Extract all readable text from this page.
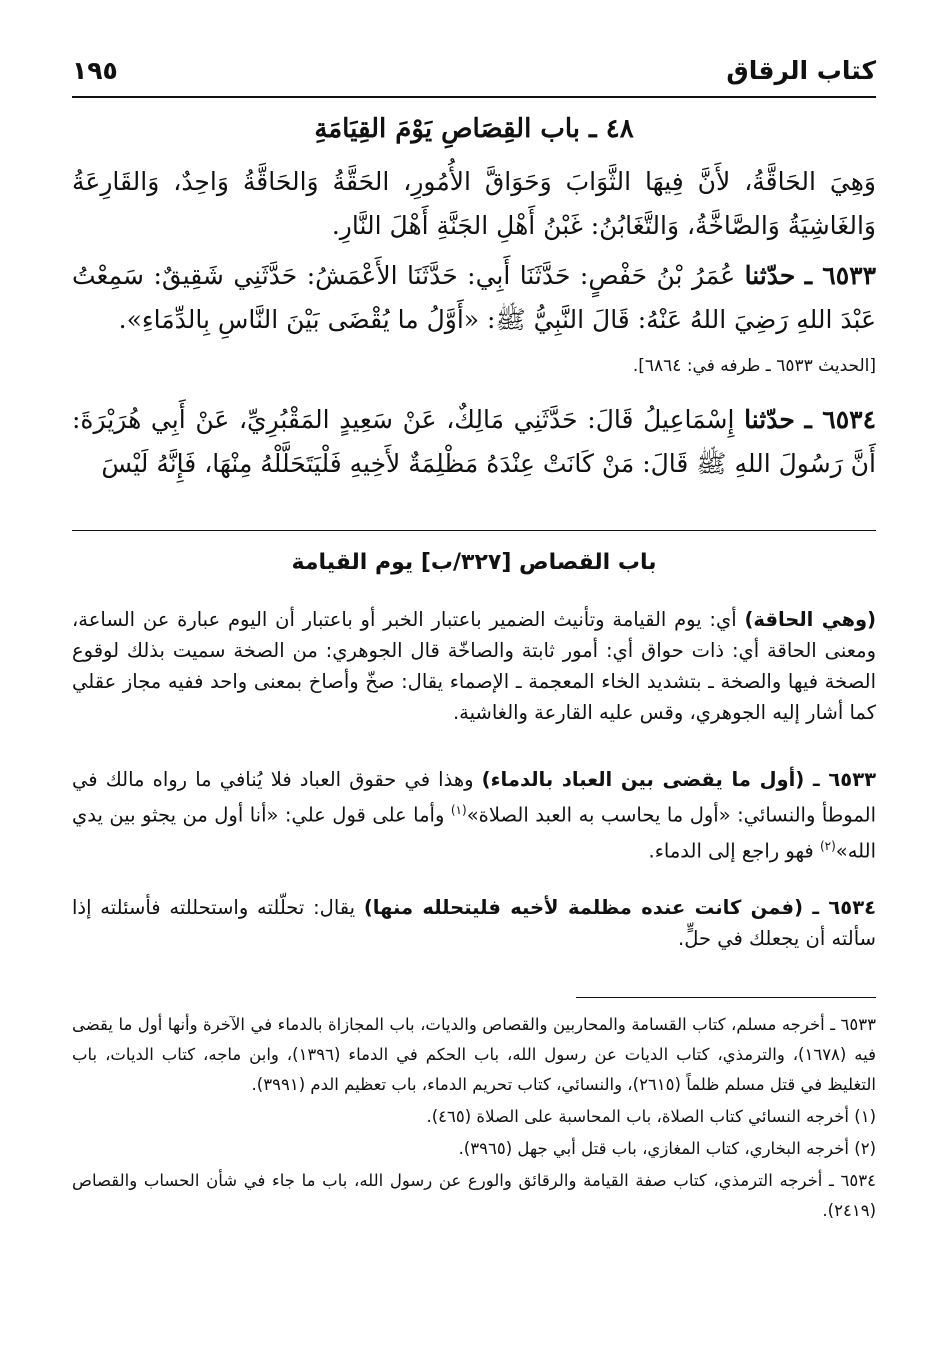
كتاب الرقاق
١٩٥
٤٨ ـ باب القِصَاصِ يَوْمَ القِيَامَةِ

وَهِيَ الحَاقَّةُ، لأَنَّ فِيهَا الثَّوَابَ وَحَوَاقَّ الأُمُورِ، الحَقَّةُ وَالحَاقَّةُ وَاحِدٌ، وَالقَارِعَةُ وَالغَاشِيَةُ وَالصَّاخَّةُ، وَالتَّغَابُنُ: غَبْنُ أَهْلِ الجَنَّةِ أَهْلَ النَّارِ.

٦٥٣٣ ـ حدّثنا عُمَرُ بْنُ حَفْصٍ: حَدَّثَنَا أَبِي: حَدَّثَنَا الأَعْمَشُ: حَدَّثَنِي شَقِيقٌ: سَمِعْتُ عَبْدَ اللهِ رَضِيَ اللهُ عَنْهُ: قَالَ النَّبِيُّ ﷺ: «أَوَّلُ ما يُقْضَى بَيْنَ النَّاسِ بِالدِّمَاءِ».

[الحديث ٦٥٣٣ ـ طرفه في: ٦٨٦٤].

٦٥٣٤ ـ حدّثنا إِسْمَاعِيلُ قَالَ: حَدَّثَنِي مَالِكٌ، عَنْ سَعِيدٍ المَقْبُرِيِّ، عَنْ أَبِي هُرَيْرَةَ: أَنَّ رَسُولَ اللهِ ﷺ قَالَ: مَنْ كَانَتْ عِنْدَهُ مَظْلِمَةٌ لأَخِيهِ فَلْيَتَحَلَّلْهُ مِنْهَا، فَإِنَّهُ لَيْسَ

باب القصاص [٣٢٧/ب] يوم القيامة

(وهي الحاقة) أي: يوم القيامة وتأنيث الضمير باعتبار الخبر أو باعتبار أن اليوم عبارة عن الساعة، ومعنى الحاقة أي: ذات حواق أي: أمور ثابتة والصاخّة قال الجوهري: من الصخة سميت بذلك لوقوع الصخة فيها والصخة ـ بتشديد الخاء المعجمة ـ الإصماء يقال: صخّ وأصاخ بمعنى واحد ففيه مجاز عقلي كما أشار إليه الجوهري، وقس عليه القارعة والغاشية.

٦٥٣٣ ـ (أول ما يقضى بين العباد بالدماء) وهذا في حقوق العباد فلا يُنافي ما رواه مالك في الموطأ والنسائي: «أول ما يحاسب به العبد الصلاة»$^{(١)}$ وأما على قول علي: «أنا أول من يجثو بين يدي الله»$^{(٢)}$ فهو راجع إلى الدماء.

٦٥٣٤ ـ (فمن كانت عنده مظلمة لأخيه فليتحلله منها) يقال: تحلّلته واستحللته فأسئلته إذا سألته أن يجعلك في حلٍّ.

٦٥٣٣ ـ أخرجه مسلم، كتاب القسامة والمحاربين والقصاص والديات، باب المجازاة بالدماء في الآخرة وأنها أول ما يقضى فيه (١٦٧٨)، والترمذي، كتاب الديات عن رسول الله، باب الحكم في الدماء (١٣٩٦)، وابن ماجه، كتاب الديات، باب التغليظ في قتل مسلم ظلماً (٢٦١٥)، والنسائي، كتاب تحريم الدماء، باب تعظيم الدم (٣٩٩١).

(١) أخرجه النسائي كتاب الصلاة، باب المحاسبة على الصلاة (٤٦٥).

(٢) أخرجه البخاري، كتاب المغازي، باب قتل أبي جهل (٣٩٦٥).

٦٥٣٤ ـ أخرجه الترمذي، كتاب صفة القيامة والرقائق والورع عن رسول الله، باب ما جاء في شأن الحساب والقصاص (٢٤١٩).
